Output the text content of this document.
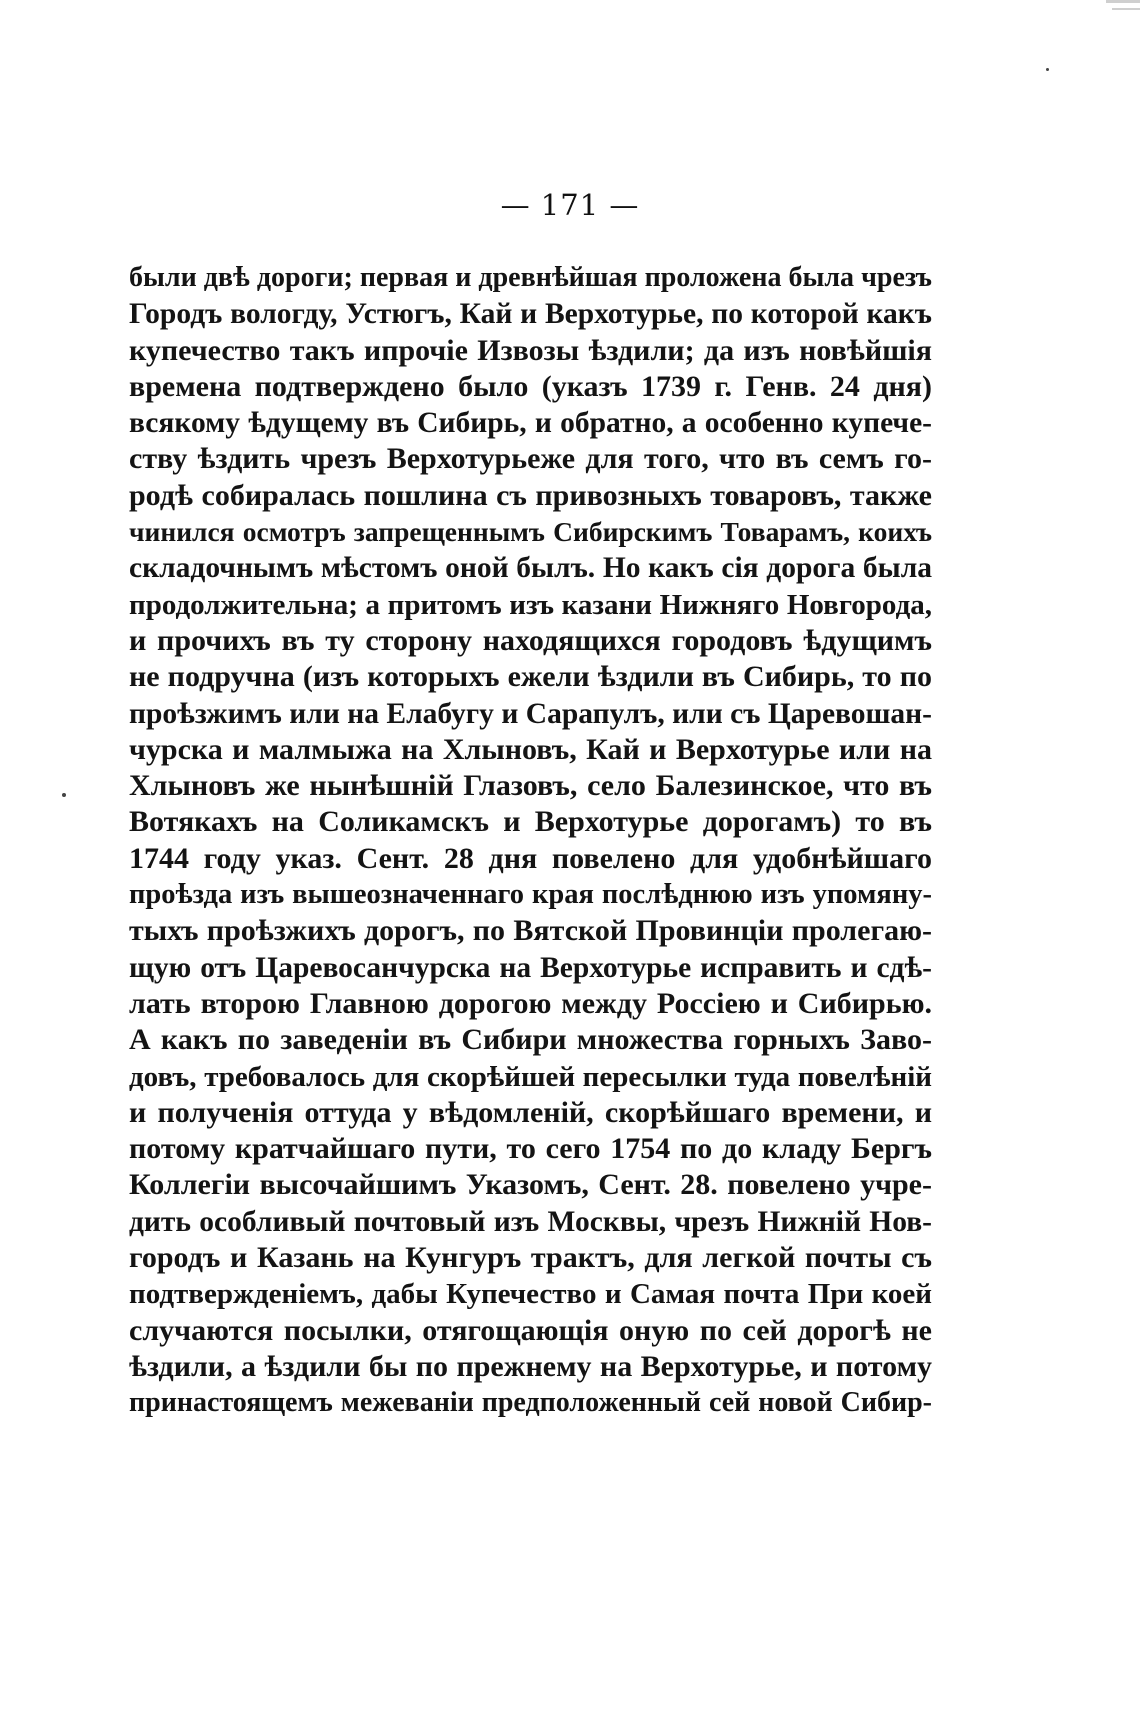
— 171 —
были двѣ дороги; первая и древнѣйшая проложена была чрезъ
Городъ вологду, Устюгъ, Кай и Верхотурье, по которой какъ
купечество такъ ипрочіе Извозы ѣздили; да изъ новѣйшія
времена подтверждено было (указъ 1739 г. Генв. 24 дня)
всякому ѣдущему въ Сибирь, и обратно, а особенно купече-
ству ѣздить чрезъ Верхотурьеже для того, что въ семъ го-
родѣ собиралась пошлина съ привозныхъ товаровъ, также
чинился осмотръ запрещеннымъ Сибирскимъ Товарамъ, коихъ
складочнымъ мѣстомъ оной былъ. Но какъ сія дорога была
продолжительна; а притомъ изъ казани Нижняго Новгорода,
и прочихъ въ ту сторону находящихся городовъ ѣдущимъ
не подручна (изъ которыхъ ежели ѣздили въ Сибирь, то по
проѣзжимъ или на Елабугу и Сарапулъ, или съ Царевошан-
чурска и малмыжа на Хлыновъ, Кай и Верхотурье или на
Хлыновъ же нынѣшній Глазовъ, село Балезинское, что въ
Вотякахъ на Соликамскъ и Верхотурье дорогамъ) то въ
1744 году указ. Сент. 28 дня повелено для удобнѣйшаго
проѣзда изъ вышеозначеннаго края послѣднюю изъ упомяну-
тыхъ проѣзжихъ дорогъ, по Вятской Провинціи пролегаю-
щую отъ Царевосанчурска на Верхотурье исправить и сдѣ-
лать второю Главною дорогою между Россіею и Сибирью.
А какъ по заведеніи въ Сибири множества горныхъ Заво-
довъ, требовалось для скорѣйшей пересылки туда повелѣній
и полученія оттуда у вѣдомленій, скорѣйшаго времени, и
потому кратчайшаго пути, то сего 1754 по до кладу Бергъ
Коллегіи высочайшимъ Указомъ, Сент. 28. повелено учре-
дить особливый почтовый изъ Москвы, чрезъ Нижній Нов-
городъ и Казань на Кунгуръ трактъ, для легкой почты съ
подтвержденіемъ, дабы Купечество и Самая почта При коей
случаются посылки, отягощающія оную по сей дорогѣ не
ѣздили, а ѣздили бы по прежнему на Верхотурье, и потому
принастоящемъ межеваніи предположенный сей новой Сибир-
